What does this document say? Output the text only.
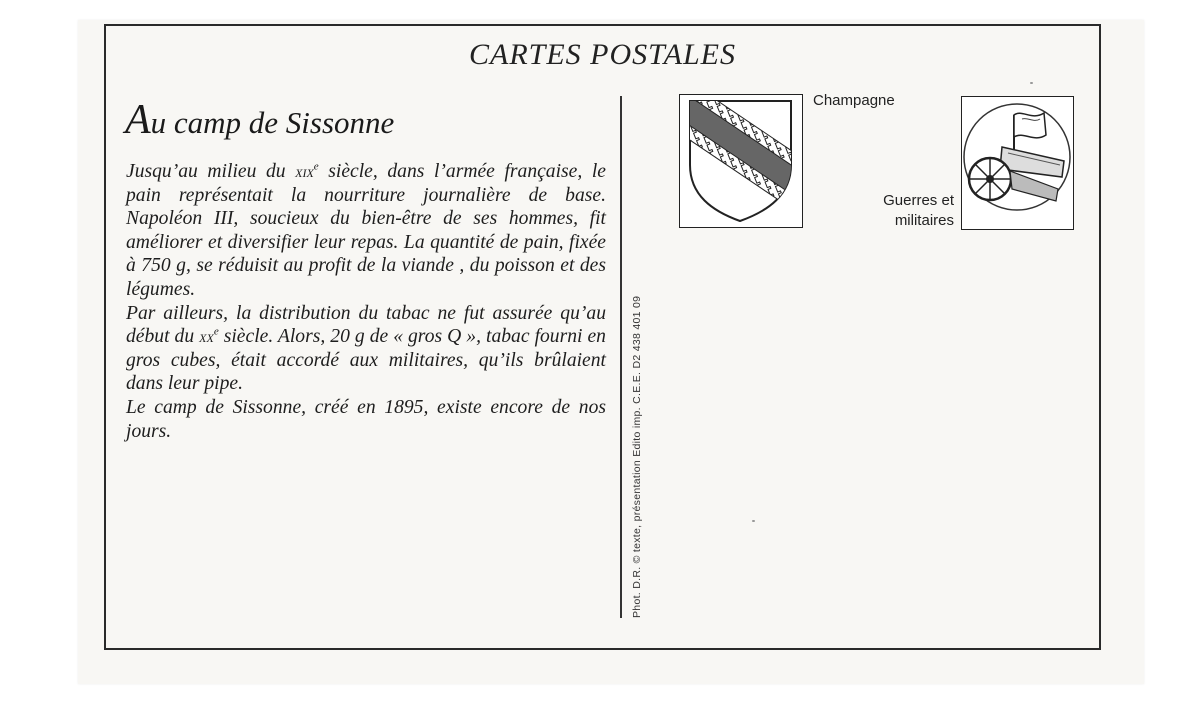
CARTES POSTALES
Au camp de Sissonne

Jusqu’au milieu du xix$^e$ siècle, dans l’armée française, le pain représentait la nourriture journalière de base. Napoléon III, soucieux du bien-être de ses hommes, fit améliorer et diversifier leur repas. La quantité de pain, fixée à 750 g, se réduisit au profit de la viande , du poisson et des légumes.

Par ailleurs, la distribution du tabac ne fut assurée qu’au début du $xx^e$ siècle. Alors, 20 g de « gros Q », tabac fourni en gros cubes, était accordé aux militaires, qu’ils brûlaient dans leur pipe.

Le camp de Sissonne, créé en 1895, existe encore de nos jours.	Phot. D.R. © texte, présentation Edito imp. C.E.E. D2 438 401 09
Champagne
Guerres et
militaires
